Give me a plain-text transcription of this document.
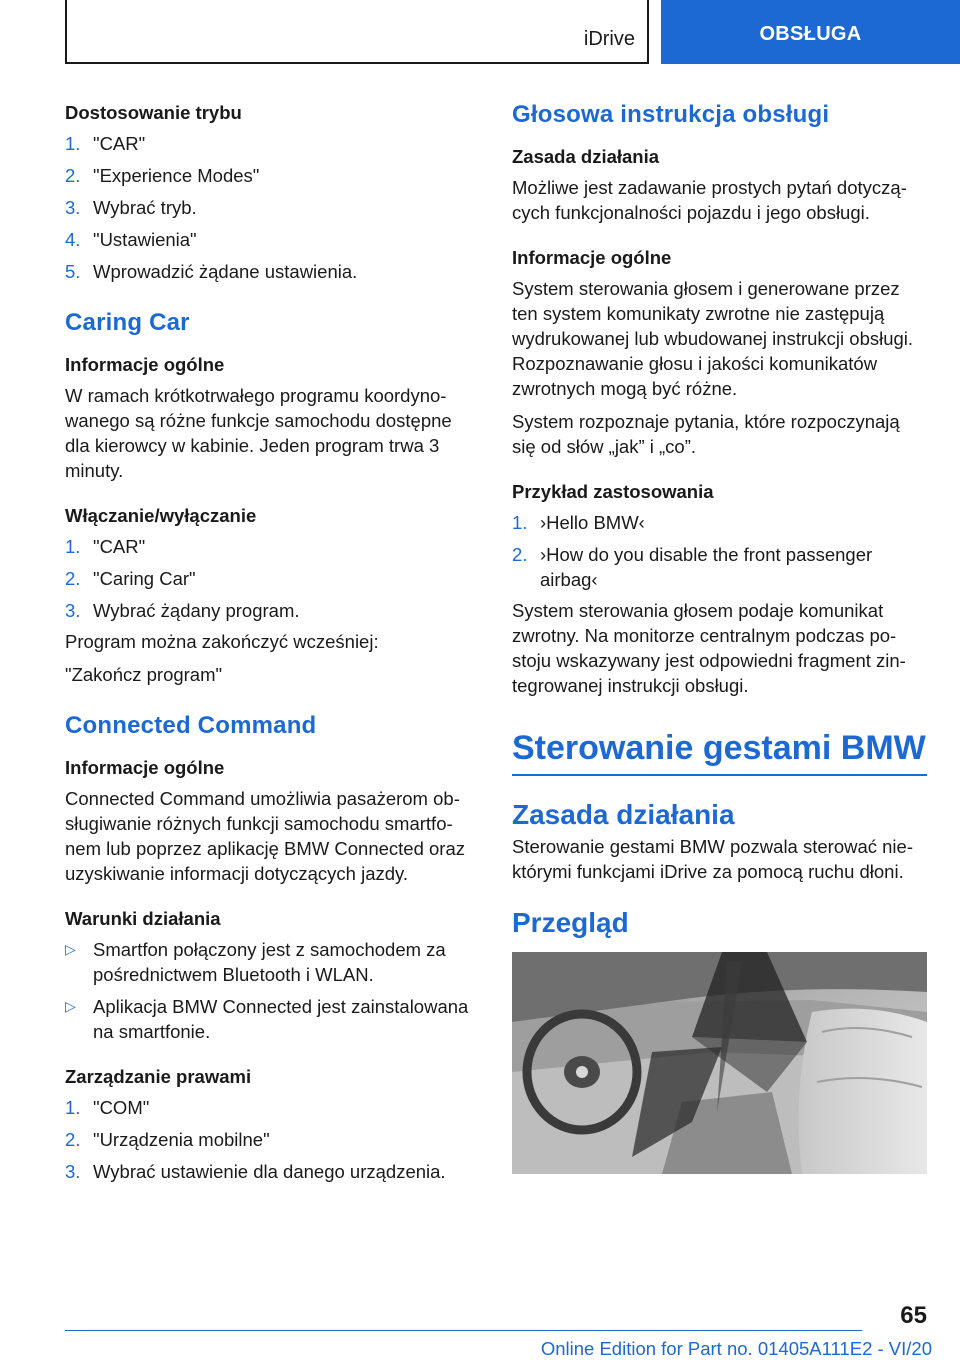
iDrive	OBSŁUGA
Dostosowanie trybu
1. "CAR"
2. "Experience Modes"
3. Wybrać tryb.
4. "Ustawienia"
5. Wprowadzić żądane ustawienia.
Caring Car
Informacje ogólne

W ramach krótkotrwałego programu koordyno-wanego są różne funkcje samochodu dostępne dla kierowcy w kabinie. Jeden program trwa 3 minuty.

Włączanie/wyłączanie
1. "CAR"
2. "Caring Car"
3. Wybrać żądany program.

Program można zakończyć wcześniej:

"Zakończ program"

Connected Command
Informacje ogólne

Connected Command umożliwia pasażerom ob-sługiwanie różnych funkcji samochodu smartfo-nem lub poprzez aplikację BMW Connected oraz uzyskiwanie informacji dotyczących jazdy.

Warunki działania
▷ Smartfon połączony jest z samochodem za pośrednictwem Bluetooth i WLAN.
▷ Aplikacja BMW Connected jest zainstalowana na smartfonie.
Zarządzanie prawami
1. "COM"
2. "Urządzenia mobilne"
3. Wybrać ustawienie dla danego urządzenia.
Głosowa instrukcja obsługi
Zasada działania

Możliwe jest zadawanie prostych pytań dotyczą-cych funkcjonalności pojazdu i jego obsługi.

Informacje ogólne

System sterowania głosem i generowane przez ten system komunikaty zwrotne nie zastępują wydrukowanej lub wbudowanej instrukcji obsługi. Rozpoznawanie głosu i jakości komunikatów zwrotnych mogą być różne.

System rozpoznaje pytania, które rozpoczynają się od słów „jak” i „co”.

Przykład zastosowania
1. ›Hello BMW‹
2. ›How do you disable the front passenger airbag‹

System sterowania głosem podaje komunikat zwrotny. Na monitorze centralnym podczas po-stoju wskazywany jest odpowiedni fragment zin-tegrowanej instrukcji obsługi.

Sterowanie gestami BMW
Zasada działania

Sterowanie gestami BMW pozwala sterować nie-którymi funkcjami iDrive za pomocą ruchu dłoni.

Przegląd
65
Online Edition for Part no. 01405A111E2 - VI/20
